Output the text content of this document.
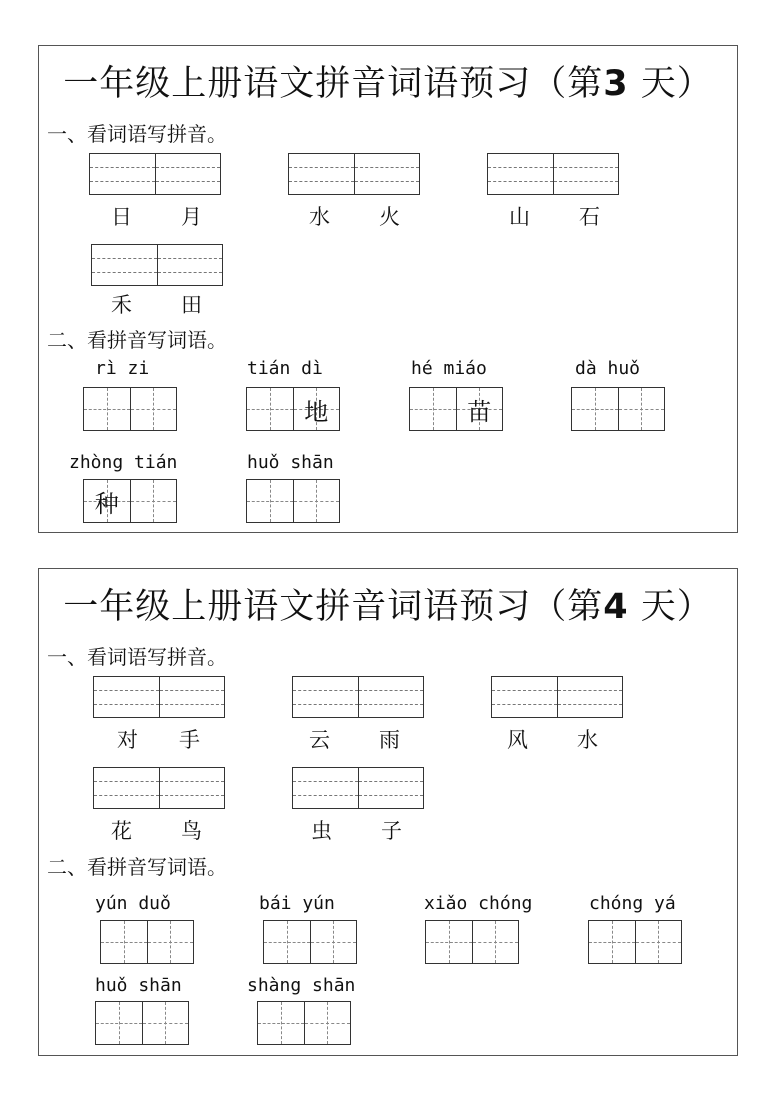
一年级上册语文拼音词语预习（第3 天）
一、看词语写拼音。
日 月	水 火	山 石
禾 田
二、看拼音写词语。
rì zi	tián dì	hé miáo	dà huǒ
地	苗
zhòng tián	huǒ shān
种
一年级上册语文拼音词语预习（第4 天）
一、看词语写拼音。
对 手	云 雨	风 水
花 鸟	虫 子
二、看拼音写词语。
yún duǒ	bái yún	xiǎo chóng	chóng yá
huǒ shān	shàng shān
